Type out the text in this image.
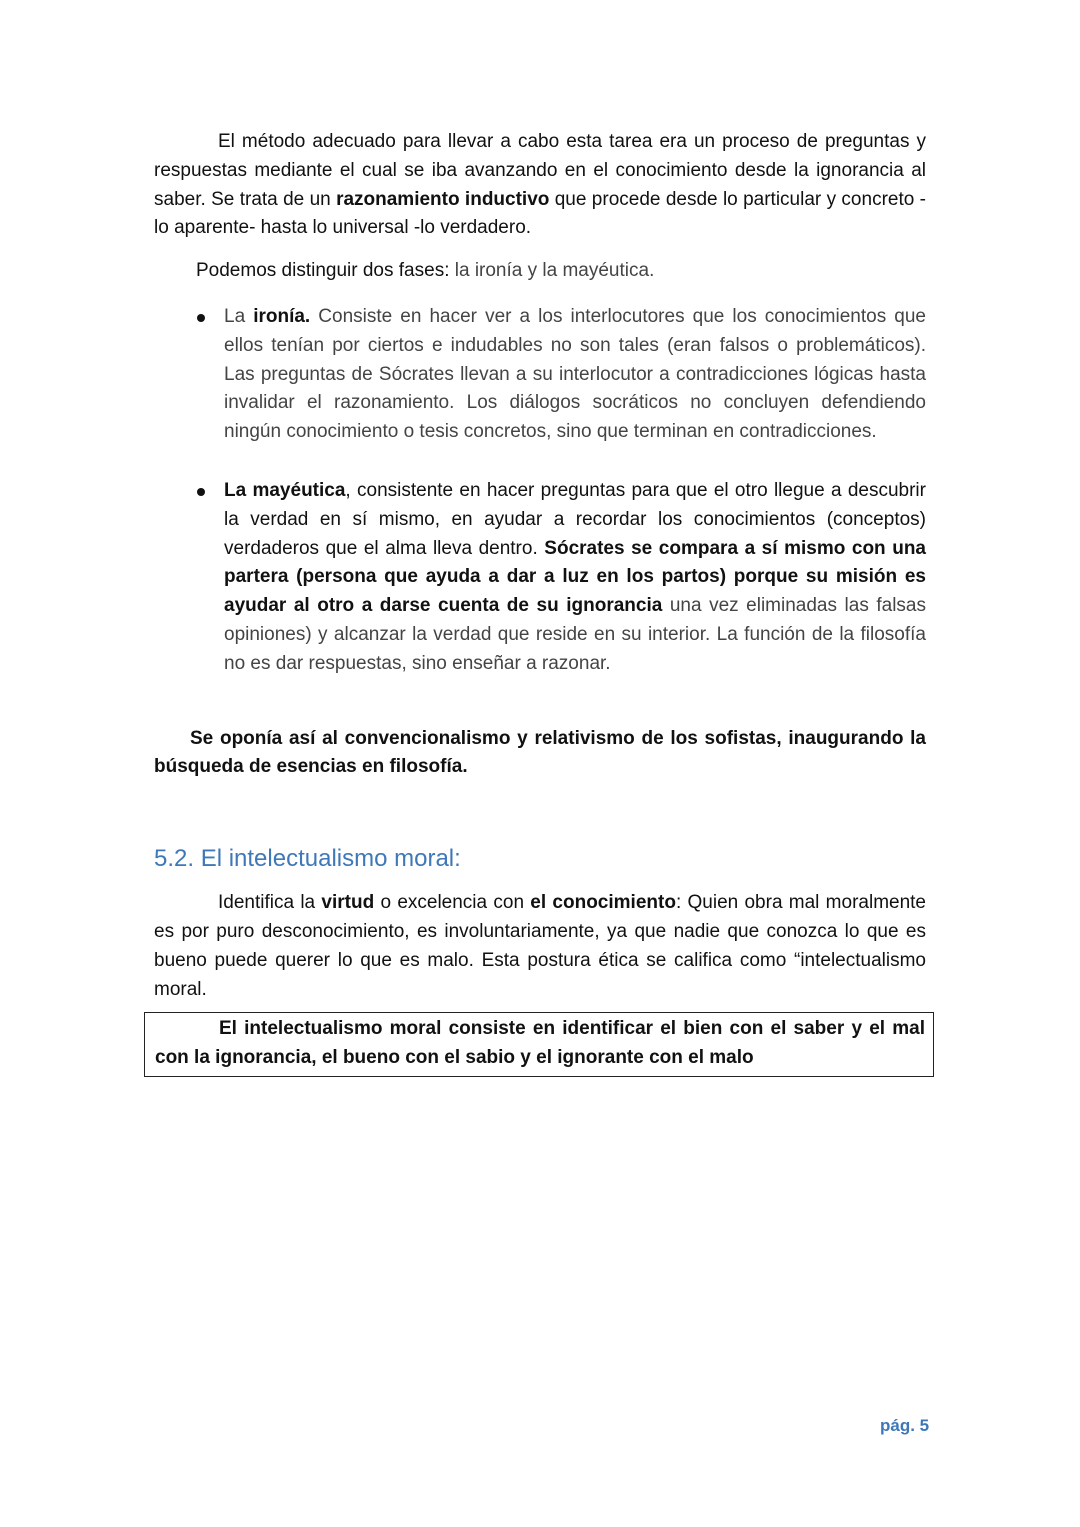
El método adecuado para llevar a cabo esta tarea era un proceso de preguntas y respuestas mediante el cual se iba avanzando en el conocimiento desde la ignorancia al saber. Se trata de un razonamiento inductivo que procede desde lo particular y concreto -lo aparente- hasta lo universal -lo verdadero.

Podemos distinguir dos fases: la ironía y la mayéutica.

La ironía. Consiste en hacer ver a los interlocutores que los conocimientos que ellos tenían por ciertos e indudables no son tales (eran falsos o problemáticos). Las preguntas de Sócrates llevan a su interlocutor a contradicciones lógicas hasta invalidar el razonamiento. Los diálogos socráticos no concluyen defendiendo ningún conocimiento o tesis concretos, sino que terminan en contradicciones.
La mayéutica, consistente en hacer preguntas para que el otro llegue a descubrir la verdad en sí mismo, en ayudar a recordar los conocimientos (conceptos) verdaderos que el alma lleva dentro. Sócrates se compara a sí mismo con una partera (persona que ayuda a dar a luz en los partos) porque su misión es ayudar al otro a darse cuenta de su ignorancia una vez eliminadas las falsas opiniones) y alcanzar la verdad que reside en su interior. La función de la filosofía no es dar respuestas, sino enseñar a razonar.

Se oponía así al convencionalismo y relativismo de los sofistas, inaugurando la búsqueda de esencias en filosofía.

5.2. El intelectualismo moral:

Identifica la virtud o excelencia con el conocimiento: Quien obra mal moralmente es por puro desconocimiento, es involuntariamente, ya que nadie que conozca lo que es bueno puede querer lo que es malo. Esta postura ética se califica como “intelectualismo moral.

El intelectualismo moral consiste en identificar el bien con el saber y el mal con la ignorancia, el bueno con el sabio y el ignorante con el malo

pág. 5
